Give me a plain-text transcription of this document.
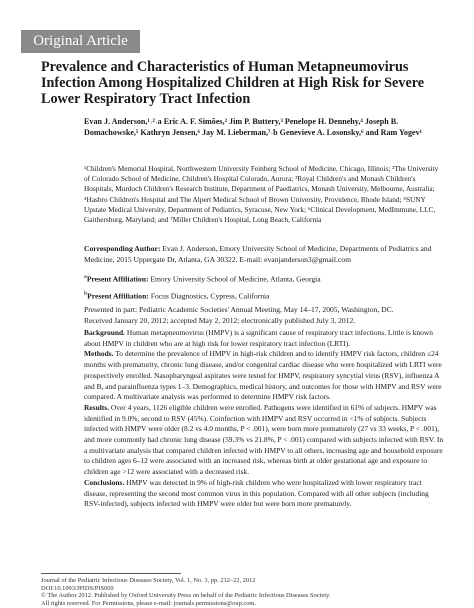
Original Article
Prevalence and Characteristics of Human Metapneumovirus Infection Among Hospitalized Children at High Risk for Severe Lower Respiratory Tract Infection

Evan J. Anderson,¹˒²˒a Eric A. F. Simões,² Jim P. Buttery,³ Penelope H. Dennehy,⁴ Joseph B. Domachowske,⁵ Kathryn Jensen,⁶ Jay M. Lieberman,⁷˒b Genevieve A. Losonsky,⁶ and Ram Yogev¹

¹Children's Memorial Hospital, Northwestern University Feinberg School of Medicine, Chicago, Illinois; ²The University of Colorado School of Medicine, Children's Hospital Colorado, Aurora; ³Royal Children's and Monash Children's Hospitals, Murdoch Children's Research Institute, Department of Paediatrics, Monash University, Melbourne, Australia; ⁴Hasbro Children's Hospital and The Alpert Medical School of Brown University, Providence, Rhode Island; ⁵SUNY Upstate Medical University, Department of Pediatrics, Syracuse, New York; ⁶Clinical Development, MedImmune, LLC, Gaithersburg, Maryland; and ⁷Miller Children's Hospital, Long Beach, California

Corresponding Author: Evan J. Anderson, Emory University School of Medicine, Departments of Pediatrics and Medicine, 2015 Uppergate Dr, Atlanta, GA 30322. E-mail: evanjanderson3@gmail.com

$^a$Present Affiliation: Emory University School of Medicine, Atlanta, Georgia

$^b$Present Affiliation: Focus Diagnostics, Cypress, California

Presented in part: Pediatric Academic Societies' Annual Meeting, May 14–17, 2005, Washington, DC.

Received January 20, 2012; accepted May 2, 2012; electronically published July 3, 2012.

Background. Human metapneumovirus (HMPV) is a significant cause of respiratory tract infections. Little is known about HMPV in children who are at high risk for lower respiratory tract infection (LRTI).

Methods. To determine the prevalence of HMPV in high-risk children and to identify HMPV risk factors, children ≤24 months with prematurity, chronic lung disease, and/or congenital cardiac disease who were hospitalized with LRTI were prospectively enrolled. Nasopharyngeal aspirates were tested for HMPV, respiratory syncytial virus (RSV), influenza A and B, and parainfluenza types 1–3. Demographics, medical history, and outcomes for those with HMPV and RSV were compared. A multivariate analysis was performed to determine HMPV risk factors.

Results. Over 4 years, 1126 eligible children were enrolled. Pathogens were identified in 61% of subjects. HMPV was identified in 9.0%, second to RSV (45%). Coinfection with HMPV and RSV occurred in <1% of subjects. Subjects infected with HMPV were older (8.2 vs 4.0 months, P < .001), were born more prematurely (27 vs 33 weeks, P < .001), and more commonly had chronic lung disease (59.3% vs 21.8%, P < .001) compared with subjects infected with RSV. In a multivariate analysis that compared children infected with HMPV to all others, increasing age and household exposure to children ages 6–12 were associated with an increased risk, whereas birth at older gestational age and exposure to children age >12 were associated with a decreased risk.

Conclusions. HMPV was detected in 9% of high-risk children who were hospitalized with lower respiratory tract disease, representing the second most common virus in this population. Compared with all other subjects (including RSV-infected), subjects infected with HMPV were older but were born more prematurely.

Journal of the Pediatric Infectious Diseases Society, Vol. 1, No. 3, pp. 212–22, 2012
DOI:10.1093/JPIDS/PIS069
© The Author 2012. Published by Oxford University Press on behalf of the Pediatric Infectious Diseases Society.
All rights reserved. For Permissions, please e-mail: journals.permissions@oup.com.
